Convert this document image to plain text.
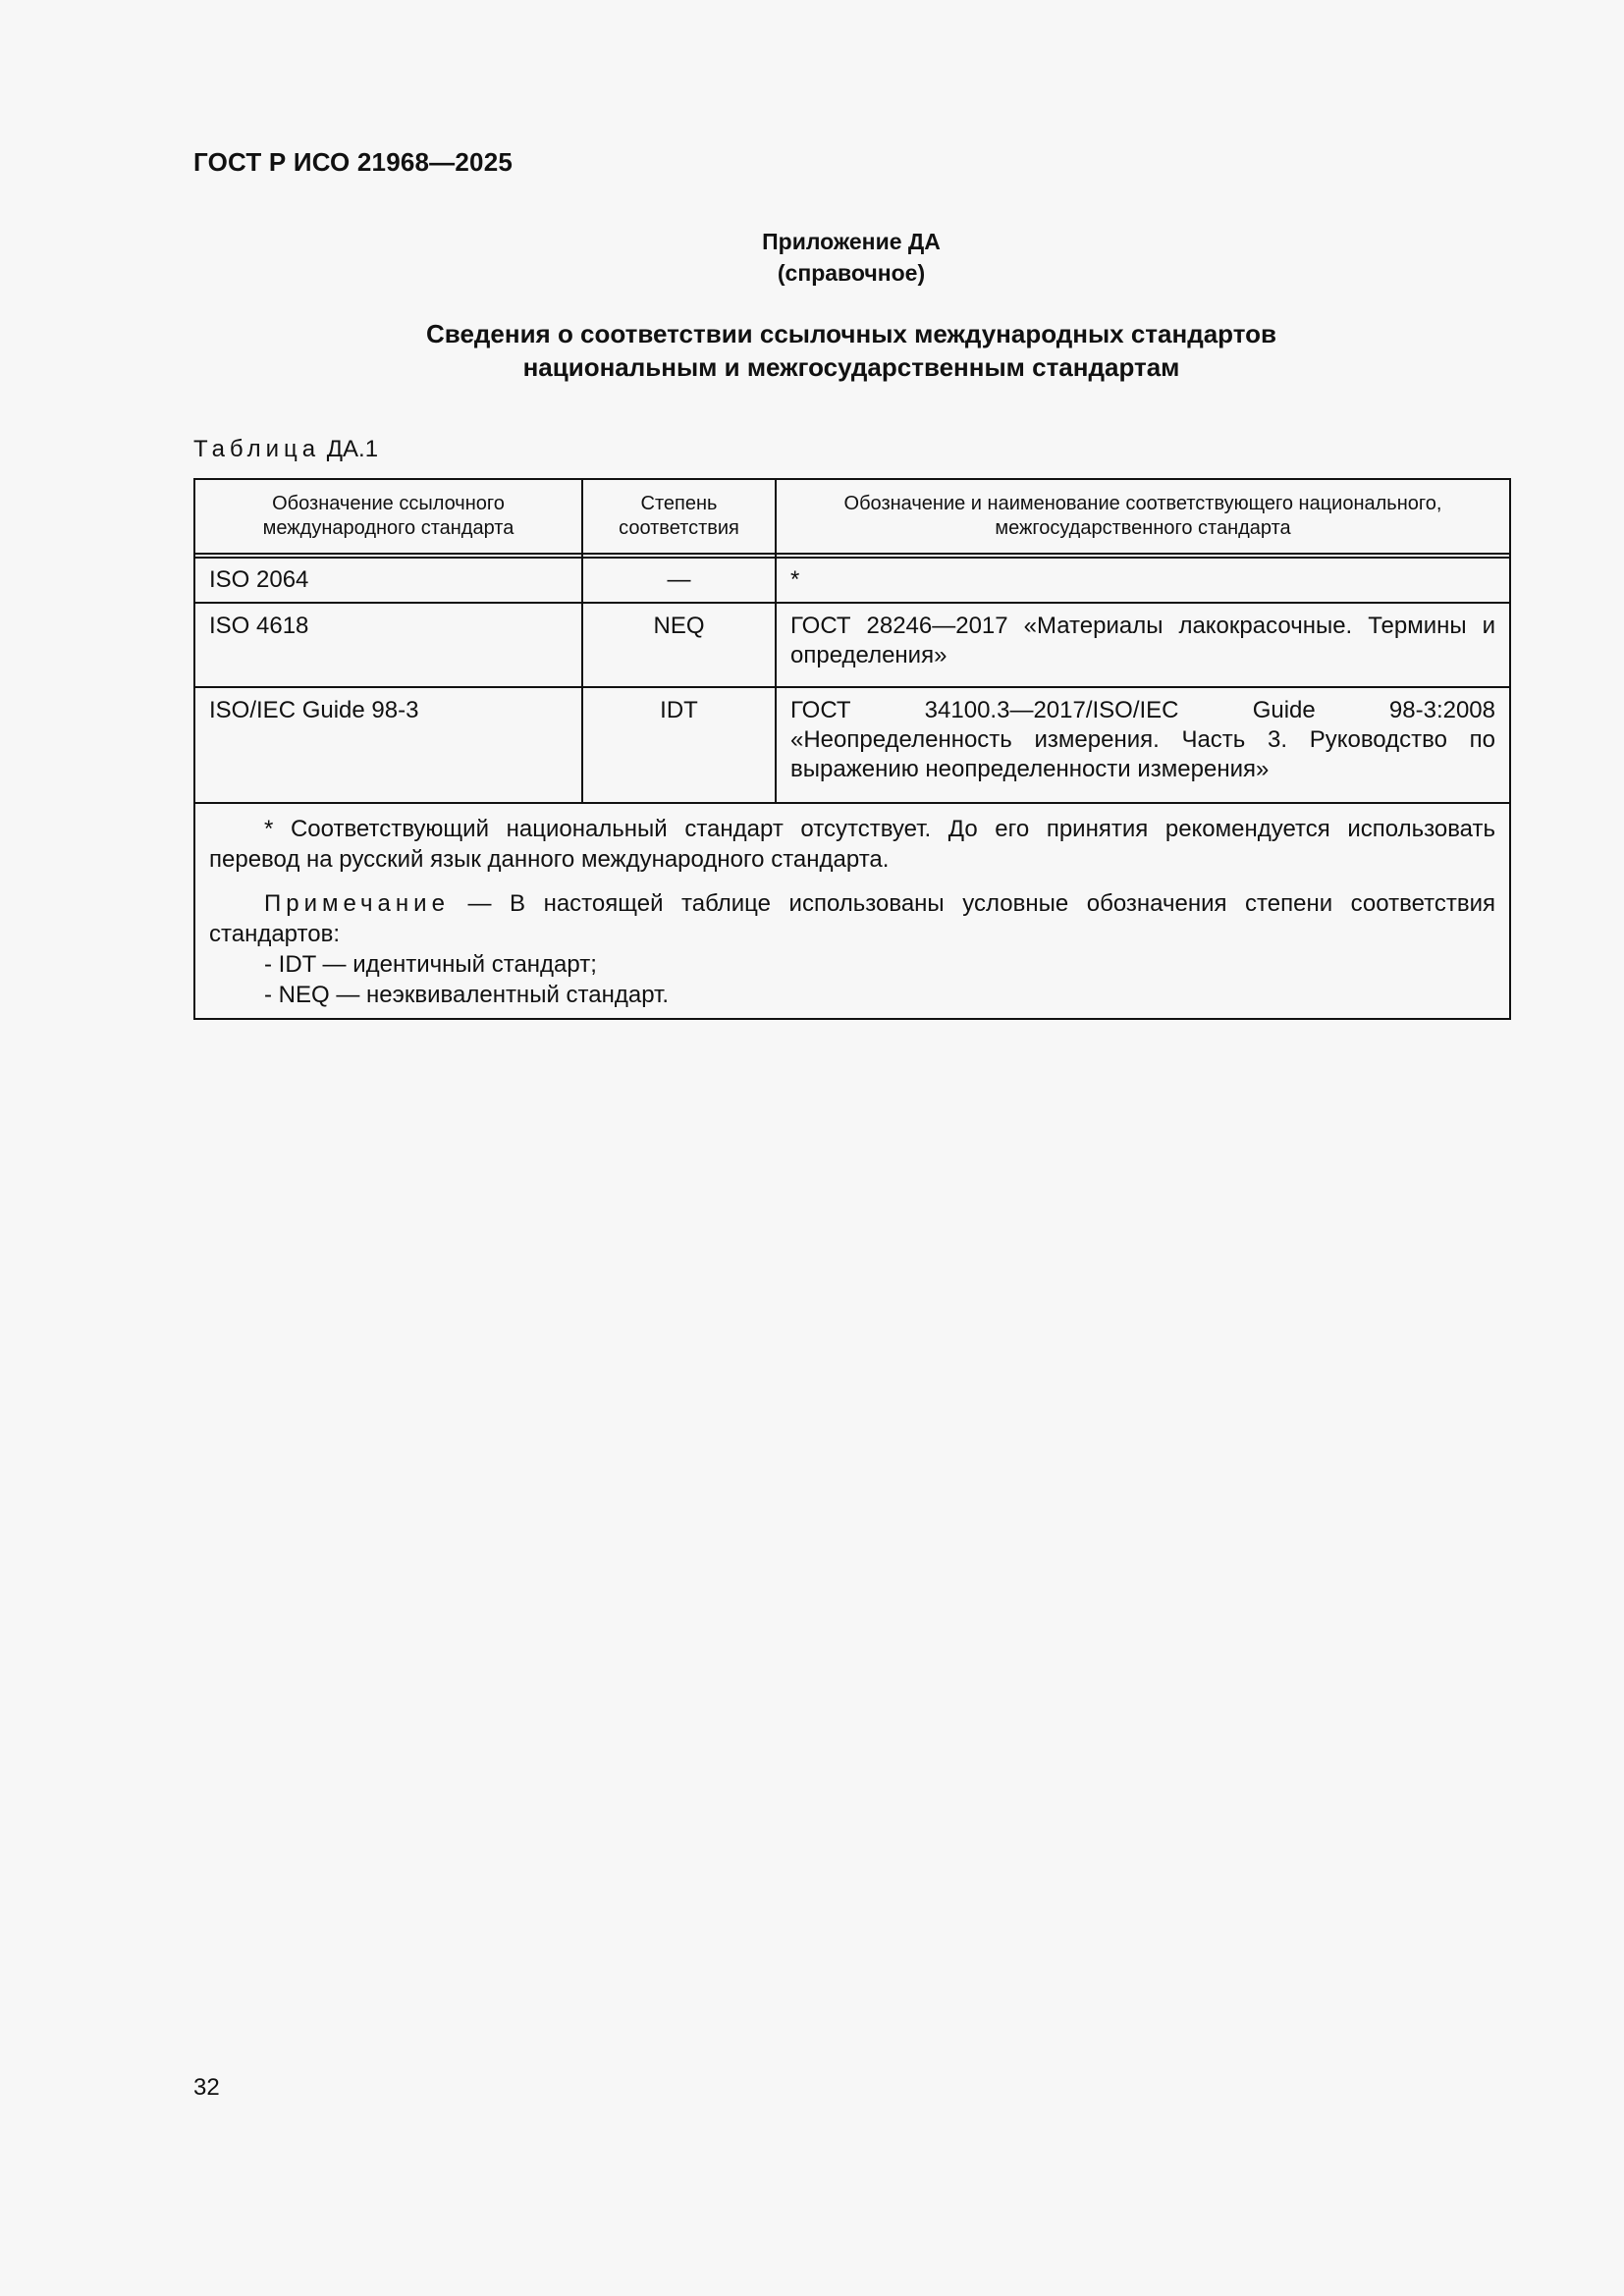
ГОСТ Р ИСО 21968—2025
Приложение ДА
(справочное)
Сведения о соответствии ссылочных международных стандартов
национальным и межгосударственным стандартам
Таблица ДА.1
Обозначение ссылочного международного стандарта	Степень соответствия	Обозначение и наименование соответствующего национального, межгосударственного стандарта

ISO 2064	—	*
ISO 4618	NEQ	ГОСТ 28246—2017 «Материалы лакокрасочные. Термины и определения»
ISO/IEC Guide 98-3	IDT	ГОСТ 34100.3—2017/ISO/IEC Guide 98-3:2008 «Неопределенность измерения. Часть 3. Руководство по выражению неопределенности измерения»

* Соответствующий национальный стандарт отсутствует. До его принятия рекомендуется использовать перевод на русский язык данного международного стандарта.

Примечание — В настоящей таблице использованы условные обозначения степени соответствия стандартов:

- IDT — идентичный стандарт;

- NEQ — неэквивалентный стандарт.		

32
